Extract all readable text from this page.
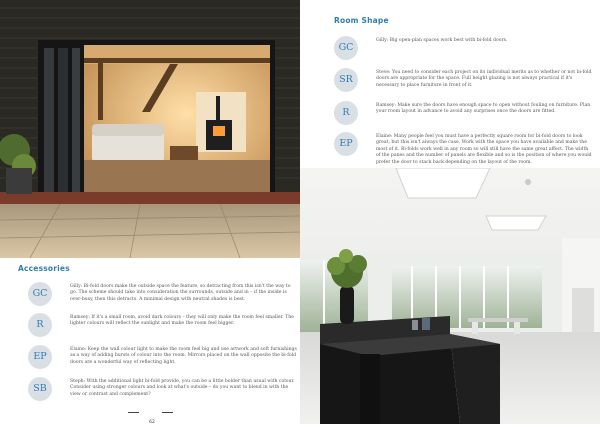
Room Shape
GC
Gilly: Big open-plan spaces work best with bi-fold doors.
SR
Steve: You need to consider each project on its individual merits as to whether or not bi-fold doors are appropriate for the space. Full height glazing is not always practical if it's necessary to place furniture in front of it.
R
Ramsey: Make sure the doors have enough space to open without fouling on furniture. Plan your room layout in advance to avoid any surprises once the doors are fitted.
EP
Elaine: Many people feel you must have a perfectly square room for bi-fold doors to look great, but this isn't always the case. Work with the space you have available and make the most of it. Bi-folds work well in any room so will still have the same great affect. The width of the panes and the number of panels are flexible and so is the position of where you would prefer the door to stack back depending on the layout of the room.
Accessories
GC
Gilly: Bi-fold doors make the outside space the feature, so detracting from this isn't the way to go. The scheme should take into consideration the surrounds, outside and in – if the inside is over-busy, then this detracts. A minimal design with neutral shades is best.
R
Ramsey: If it's a small room, avoid dark colours – they will only make the room feel smaller. The lighter colours will reflect the sunlight and make the room feel bigger.
EP
Elaine: Keep the wall colour light to make the room feel big and use artwork and soft furnishings as a way of adding bursts of colour into the room. Mirrors placed on the wall opposite the bi-fold doors are a wonderful way of reflecting light.
SB
Steph: With the additional light bi-fold provide, you can be a little bolder than usual with colour. Consider using stronger colours and look at what's outside – do you want to blend in with the view or contrast and complement?
62
